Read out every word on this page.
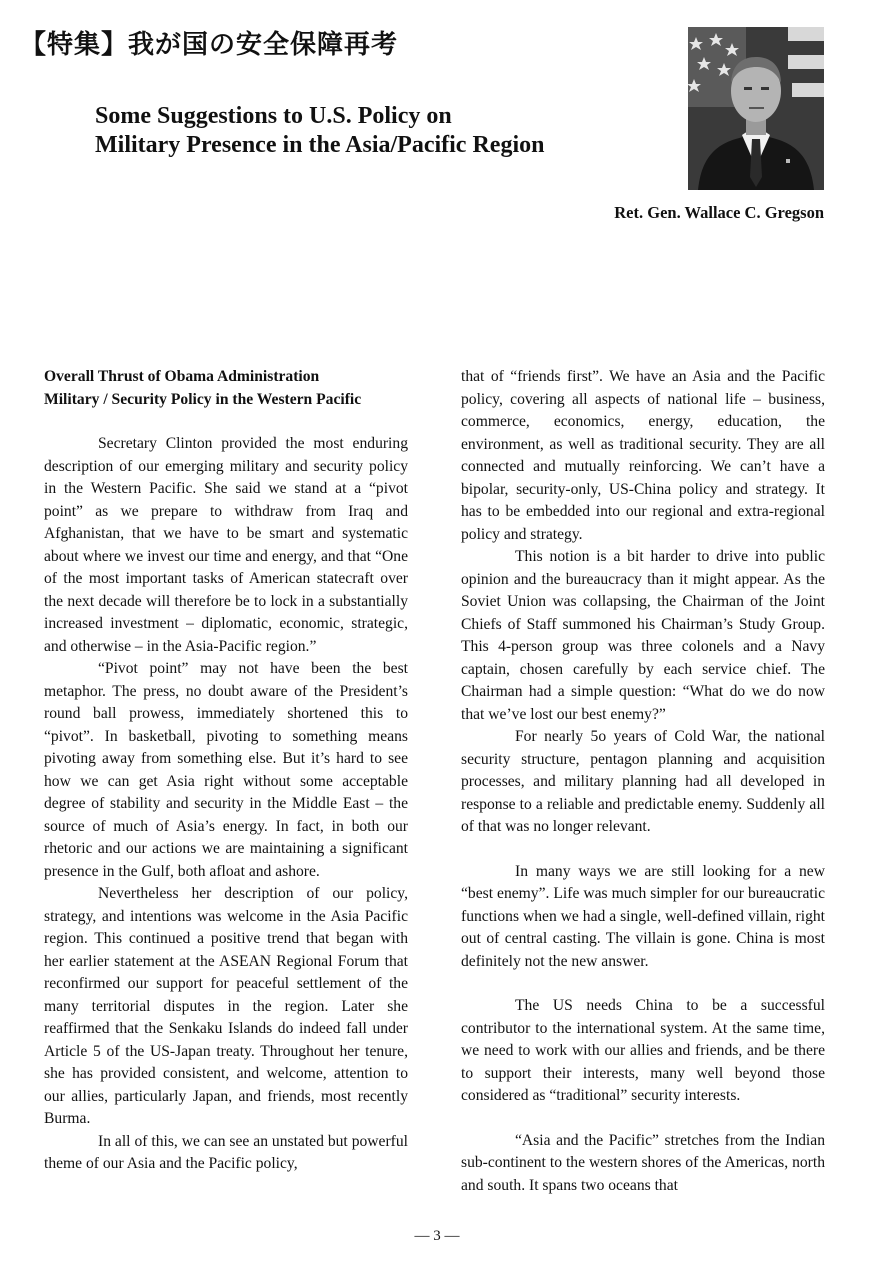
【特集】我が国の安全保障再考
Some Suggestions to U.S. Policy on
Military Presence in the Asia/Pacific Region
Ret. Gen. Wallace C. Gregson
Overall Thrust of Obama Administration
Military / Security Policy in the Western Pacific

Secretary Clinton provided the most enduring description of our emerging military and security policy in the Western Pacific. She said we stand at a “pivot point” as we prepare to withdraw from Iraq and Afghanistan, that we have to be smart and systematic about where we invest our time and energy, and that “One of the most important tasks of American statecraft over the next decade will therefore be to lock in a substantially increased investment – diplomatic, economic, strategic, and otherwise – in the Asia-Pacific region.”

“Pivot point” may not have been the best metaphor. The press, no doubt aware of the President’s round ball prowess, immediately shortened this to “pivot”. In basketball, pivoting to something means pivoting away from something else. But it’s hard to see how we can get Asia right without some acceptable degree of stability and security in the Middle East – the source of much of Asia’s energy. In fact, in both our rhetoric and our actions we are maintaining a significant presence in the Gulf, both afloat and ashore.

Nevertheless her description of our policy, strategy, and intentions was welcome in the Asia Pacific region. This continued a positive trend that began with her earlier statement at the ASEAN Regional Forum that reconfirmed our support for peaceful settlement of the many territorial disputes in the region. Later she reaffirmed that the Senkaku Islands do indeed fall under Article 5 of the US-Japan treaty. Throughout her tenure, she has provided consistent, and welcome, attention to our allies, particularly Japan, and friends, most recently Burma.

In all of this, we can see an unstated but powerful theme of our Asia and the Pacific policy,

that of “friends first”. We have an Asia and the Pacific policy, covering all aspects of national life – business, commerce, economics, energy, education, the environment, as well as traditional security. They are all connected and mutually reinforcing. We can’t have a bipolar, security-only, US-China policy and strategy. It has to be embedded into our regional and extra-regional policy and strategy.

This notion is a bit harder to drive into public opinion and the bureaucracy than it might appear. As the Soviet Union was collapsing, the Chairman of the Joint Chiefs of Staff summoned his Chairman’s Study Group. This 4-person group was three colonels and a Navy captain, chosen carefully by each service chief. The Chairman had a simple question: “What do we do now that we’ve lost our best enemy?”

For nearly 5o years of Cold War, the national security structure, pentagon planning and acquisition processes, and military planning had all developed in response to a reliable and predictable enemy. Suddenly all of that was no longer relevant.

In many ways we are still looking for a new “best enemy”. Life was much simpler for our bureaucratic functions when we had a single, well-defined villain, right out of central casting. The villain is gone. China is most definitely not the new answer.

The US needs China to be a successful contributor to the international system. At the same time, we need to work with our allies and friends, and be there to support their interests, many well beyond those considered as “traditional” security interests.

“Asia and the Pacific” stretches from the Indian sub-continent to the western shores of the Americas, north and south. It spans two oceans that

— 3 —
